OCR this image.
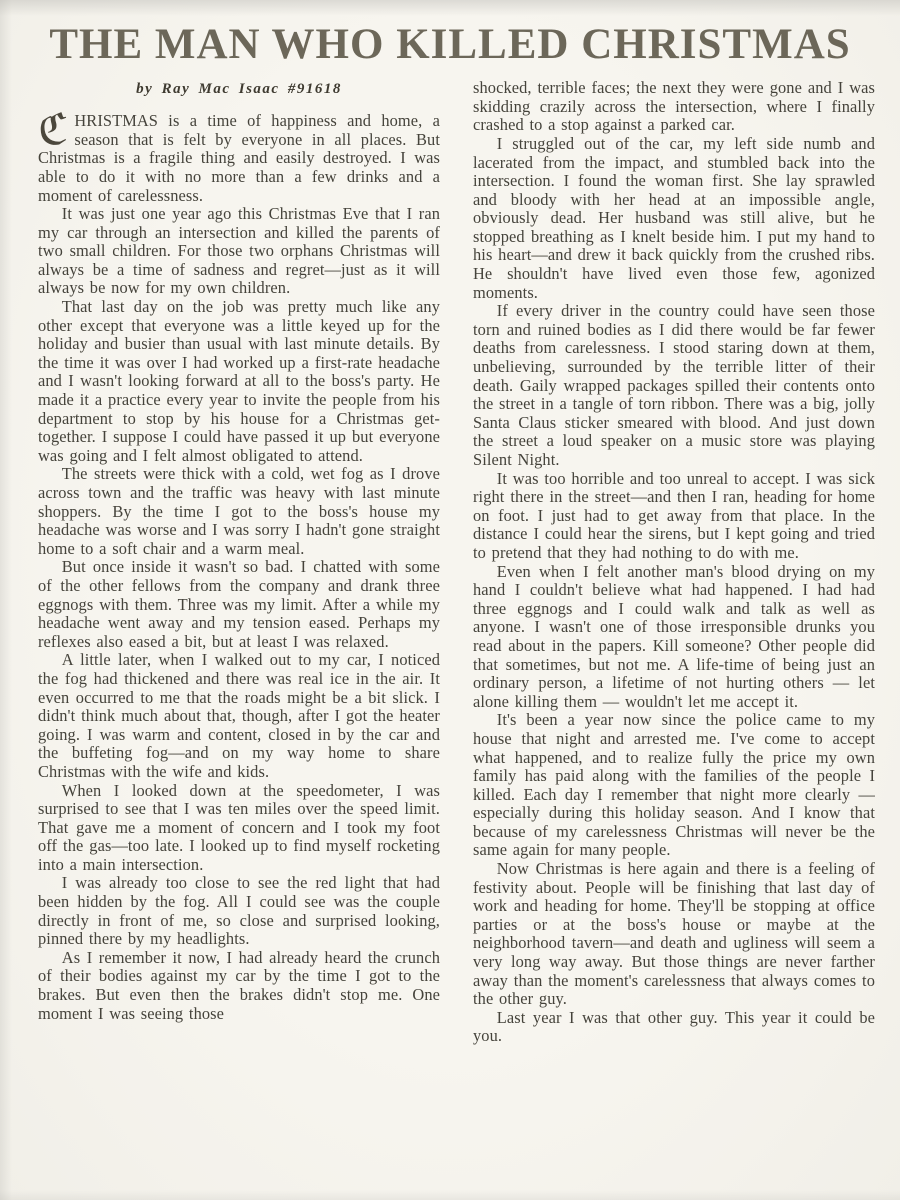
THE MAN WHO KILLED CHRISTMAS
by Ray Mac Isaac #91618

ℭHRISTMAS is a time of happiness and home, a season that is felt by everyone in all places. But Christmas is a fragile thing and easily destroyed. I was able to do it with no more than a few drinks and a moment of carelessness.

It was just one year ago this Christmas Eve that I ran my car through an intersection and killed the parents of two small children. For those two orphans Christmas will always be a time of sadness and regret—just as it will always be now for my own children.

That last day on the job was pretty much like any other except that everyone was a little keyed up for the holiday and busier than usual with last minute details. By the time it was over I had worked up a first-rate headache and I wasn't looking forward at all to the boss's party. He made it a practice every year to invite the people from his department to stop by his house for a Christmas get-together. I suppose I could have passed it up but everyone was going and I felt almost obligated to attend.

The streets were thick with a cold, wet fog as I drove across town and the traffic was heavy with last minute shoppers. By the time I got to the boss's house my headache was worse and I was sorry I hadn't gone straight home to a soft chair and a warm meal.

But once inside it wasn't so bad. I chatted with some of the other fellows from the company and drank three eggnogs with them. Three was my limit. After a while my headache went away and my tension eased. Perhaps my reflexes also eased a bit, but at least I was relaxed.

A little later, when I walked out to my car, I noticed the fog had thickened and there was real ice in the air. It even occurred to me that the roads might be a bit slick. I didn't think much about that, though, after I got the heater going. I was warm and content, closed in by the car and the buffeting fog—and on my way home to share Christmas with the wife and kids.

When I looked down at the speedometer, I was surprised to see that I was ten miles over the speed limit. That gave me a moment of concern and I took my foot off the gas—too late. I looked up to find myself rocketing into a main intersection.

I was already too close to see the red light that had been hidden by the fog. All I could see was the couple directly in front of me, so close and surprised looking, pinned there by my headlights.

As I remember it now, I had already heard the crunch of their bodies against my car by the time I got to the brakes. But even then the brakes didn't stop me. One moment I was seeing those

shocked, terrible faces; the next they were gone and I was skidding crazily across the intersection, where I finally crashed to a stop against a parked car.

I struggled out of the car, my left side numb and lacerated from the impact, and stumbled back into the intersection. I found the woman first. She lay sprawled and bloody with her head at an impossible angle, obviously dead. Her husband was still alive, but he stopped breathing as I knelt beside him. I put my hand to his heart—and drew it back quickly from the crushed ribs. He shouldn't have lived even those few, agonized moments.

If every driver in the country could have seen those torn and ruined bodies as I did there would be far fewer deaths from carelessness. I stood staring down at them, unbelieving, surrounded by the terrible litter of their death. Gaily wrapped packages spilled their contents onto the street in a tangle of torn ribbon. There was a big, jolly Santa Claus sticker smeared with blood. And just down the street a loud speaker on a music store was playing Silent Night.

It was too horrible and too unreal to accept. I was sick right there in the street—and then I ran, heading for home on foot. I just had to get away from that place. In the distance I could hear the sirens, but I kept going and tried to pretend that they had nothing to do with me.

Even when I felt another man's blood drying on my hand I couldn't believe what had happened. I had had three eggnogs and I could walk and talk as well as anyone. I wasn't one of those irresponsible drunks you read about in the papers. Kill someone? Other people did that sometimes, but not me. A life-time of being just an ordinary person, a lifetime of not hurting others — let alone killing them — wouldn't let me accept it.

It's been a year now since the police came to my house that night and arrested me. I've come to accept what happened, and to realize fully the price my own family has paid along with the families of the people I killed. Each day I remember that night more clearly — especially during this holiday season. And I know that because of my carelessness Christmas will never be the same again for many people.

Now Christmas is here again and there is a feeling of festivity about. People will be finishing that last day of work and heading for home. They'll be stopping at office parties or at the boss's house or maybe at the neighborhood tavern—and death and ugliness will seem a very long way away. But those things are never farther away than the moment's carelessness that always comes to the other guy.

Last year I was that other guy. This year it could be you.
